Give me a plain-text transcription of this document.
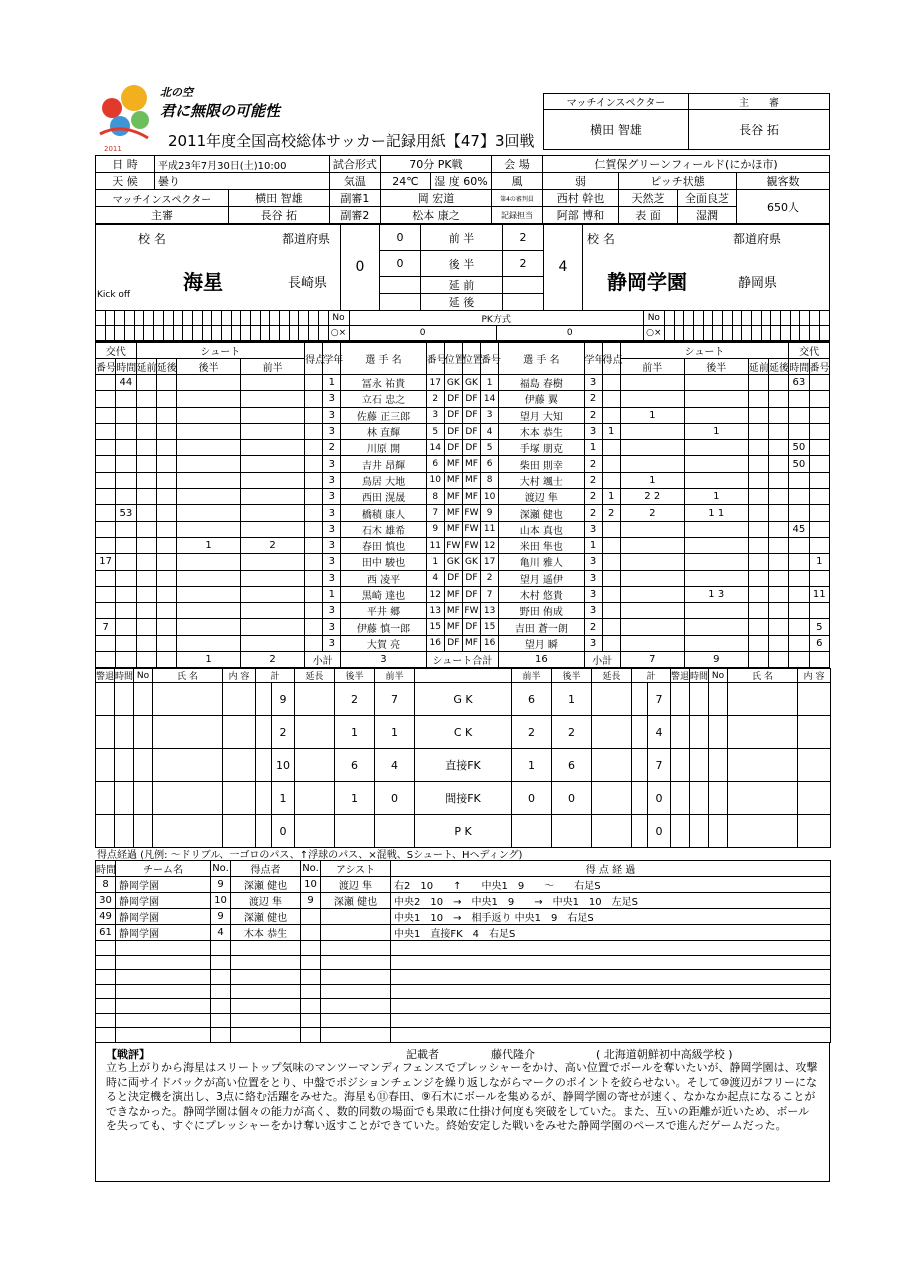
2011
北の空
君に無限の可能性
2011年度全国高校総体サッカー記録用紙【47】3回戦
マッチインスペクター	主　　審
横田 智雄	長谷 拓
日 時	平成23年7月30日(土)10:00		試合形式	70分 PK戦		会 場	仁賀保グリーンフィールド(にかほ市)			
天 候	曇り		気温	24℃	湿 度 60%	風	弱	ピッチ状態		観客数
マッチインスペクター		横田 智雄	副審1	岡 宏道		第4の審判員	西村 幹也	天然芝	全面良芝	650人
主審		長谷 拓	副審2	松本 康之		記録担当	阿部 博和	表 面	湿潤	
校 名	都道府県
海星	長崎県
Kick off
校 名	都道府県
静岡学園	静岡県
0	0	前 半	2	4
	0	後 半	2	
		延 前		
		延 後		
																								No	PK方式		No																	
																								○×	0	0	○×																	
交代		シュート				得点	学年	選 手 名	番号	位置	位置	番号	選 手 名	学年	得点	シュート				交代	
番号	時間	延前	延後	後半	前半											前半	後半	延前	延後	時間	番号
	44						1	冨永 祐貴	17	GK	GK	1	福島 春樹	3						63	
							3	立石 忠之	2	DF	DF	14	伊藤 翼	2							
							3	佐藤 正三郎	3	DF	DF	3	望月 大知	2		1					
							3	林 直輝	5	DF	DF	4	木本 恭生	3	1		1				
							2	川原 開	14	DF	DF	5	手塚 朋克	1						50	
							3	吉井 昂輝	6	MF	MF	6	柴田 則幸	2						50	
							3	鳥居 大地	10	MF	MF	8	大村 颯士	2		1					
							3	西田 滉晟	8	MF	MF	10	渡辺 隼	2	1	2 2	1				
	53						3	橋積 康人	7	MF	FW	9	深瀬 健也	2	2	2	1 1				
							3	石木 雄希	9	MF	FW	11	山本 真也	3						45	
				1	2		3	春田 慎也	11	FW	FW	12	米田 隼也	1							
17							3	田中 駿也	1	GK	GK	17	亀川 雅人	3							1
							3	西 凌平	4	DF	DF	2	望月 遥伊	3							
							1	黒崎 達也	12	MF	DF	7	木村 悠貴	3			1 3				11
							3	平井 郷	13	MF	FW	13	野田 侑成	3							
7							3	伊藤 慎一郎	15	MF	DF	15	吉田 蒼一朗	2							5
							3	大賀 亮	16	DF	MF	16	望月 瞬	3							6
				1	2	小計		3	シュート合計				16	小計		7	9				
警退	時間	No	氏 名	内 容	計		延長	後半	前半		前半	後半	延長	計		警退	時間	No	氏 名	内 容
						9		2	7	G K	6	1			7					
						2		1	1	C K	2	2			4					
						10		6	4	直接FK	1	6			7					
						1		1	0	間接FK	0	0			0					
						0				P K					0					
得点経過 (凡例: 〜ドリブル、一ゴロのパス、↑浮球のパス、×混戦、Sシュート、Hヘディング)
時間	チーム名	No.	得点者	No.	アシスト	得 点 経 過
8	静岡学園	9	深瀬 健也	10	渡辺 隼	右2　10　　↑　　中央1　9　　〜　　右足S
30	静岡学園	10	渡辺 隼	9	深瀬 健也	中央2　10　→　中央1　9　　→　中央1　10　左足S
49	静岡学園	9	深瀬 健也			中央1　10　→　相手返り 中央1　9　右足S
61	静岡学園	4	木本 恭生			中央1　直接FK　4　右足S

【戦評】	記載者	藤代隆介	( 北海道朝鮮初中高級学校 )
立ち上がりから海星はスリートップ気味のマンツーマンディフェンスでプレッシャーをかけ、高い位置でボールを奪いたいが、静岡学園は、攻撃時に両サイドバックが高い位置をとり、中盤でポジションチェンジを繰り返しながらマークのポイントを絞らせない。そして⑩渡辺がフリーになると決定機を演出し、3点に絡む活躍をみせた。海星も⑪春田、⑨石木にボールを集めるが、静岡学園の寄せが速く、なかなか起点になることができなかった。静岡学園は個々の能力が高く、数的同数の場面でも果敢に仕掛け何度も突破をしていた。また、互いの距離が近いため、ボールを失っても、すぐにプレッシャーをかけ奪い返すことができていた。終始安定した戦いをみせた静岡学園のペースで進んだゲームだった。
